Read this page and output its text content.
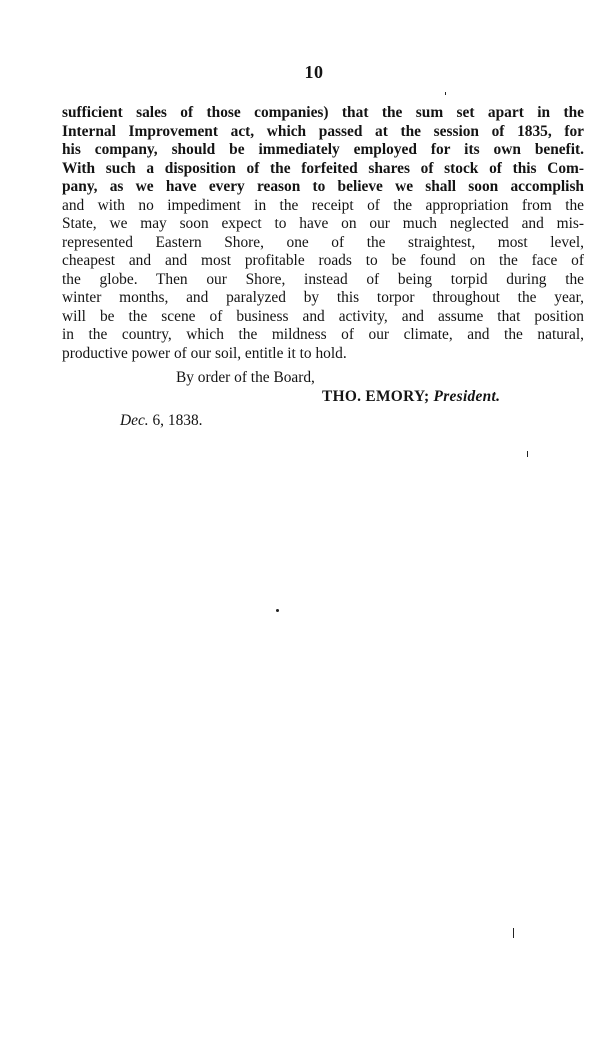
10
sufficient sales of those companies) that the sum set apart in the
Internal Improvement act, which passed at the session of 1835, for
his company, should be immediately employed for its own benefit.
With such a disposition of the forfeited shares of stock of this Com-
pany, as we have every reason to believe we shall soon accomplish
and with no impediment in the receipt of the appropriation from the
State, we may soon expect to have on our much neglected and mis-
represented Eastern Shore, one of the straightest, most level,
cheapest and and most profitable roads to be found on the face of
the globe. Then our Shore, instead of being torpid during the
winter months, and paralyzed by this torpor throughout the year,
will be the scene of business and activity, and assume that position
in the country, which the mildness of our climate, and the natural,
productive power of our soil, entitle it to hold.
By order of the Board,
THO. EMORY; President.
Dec. 6, 1838.
